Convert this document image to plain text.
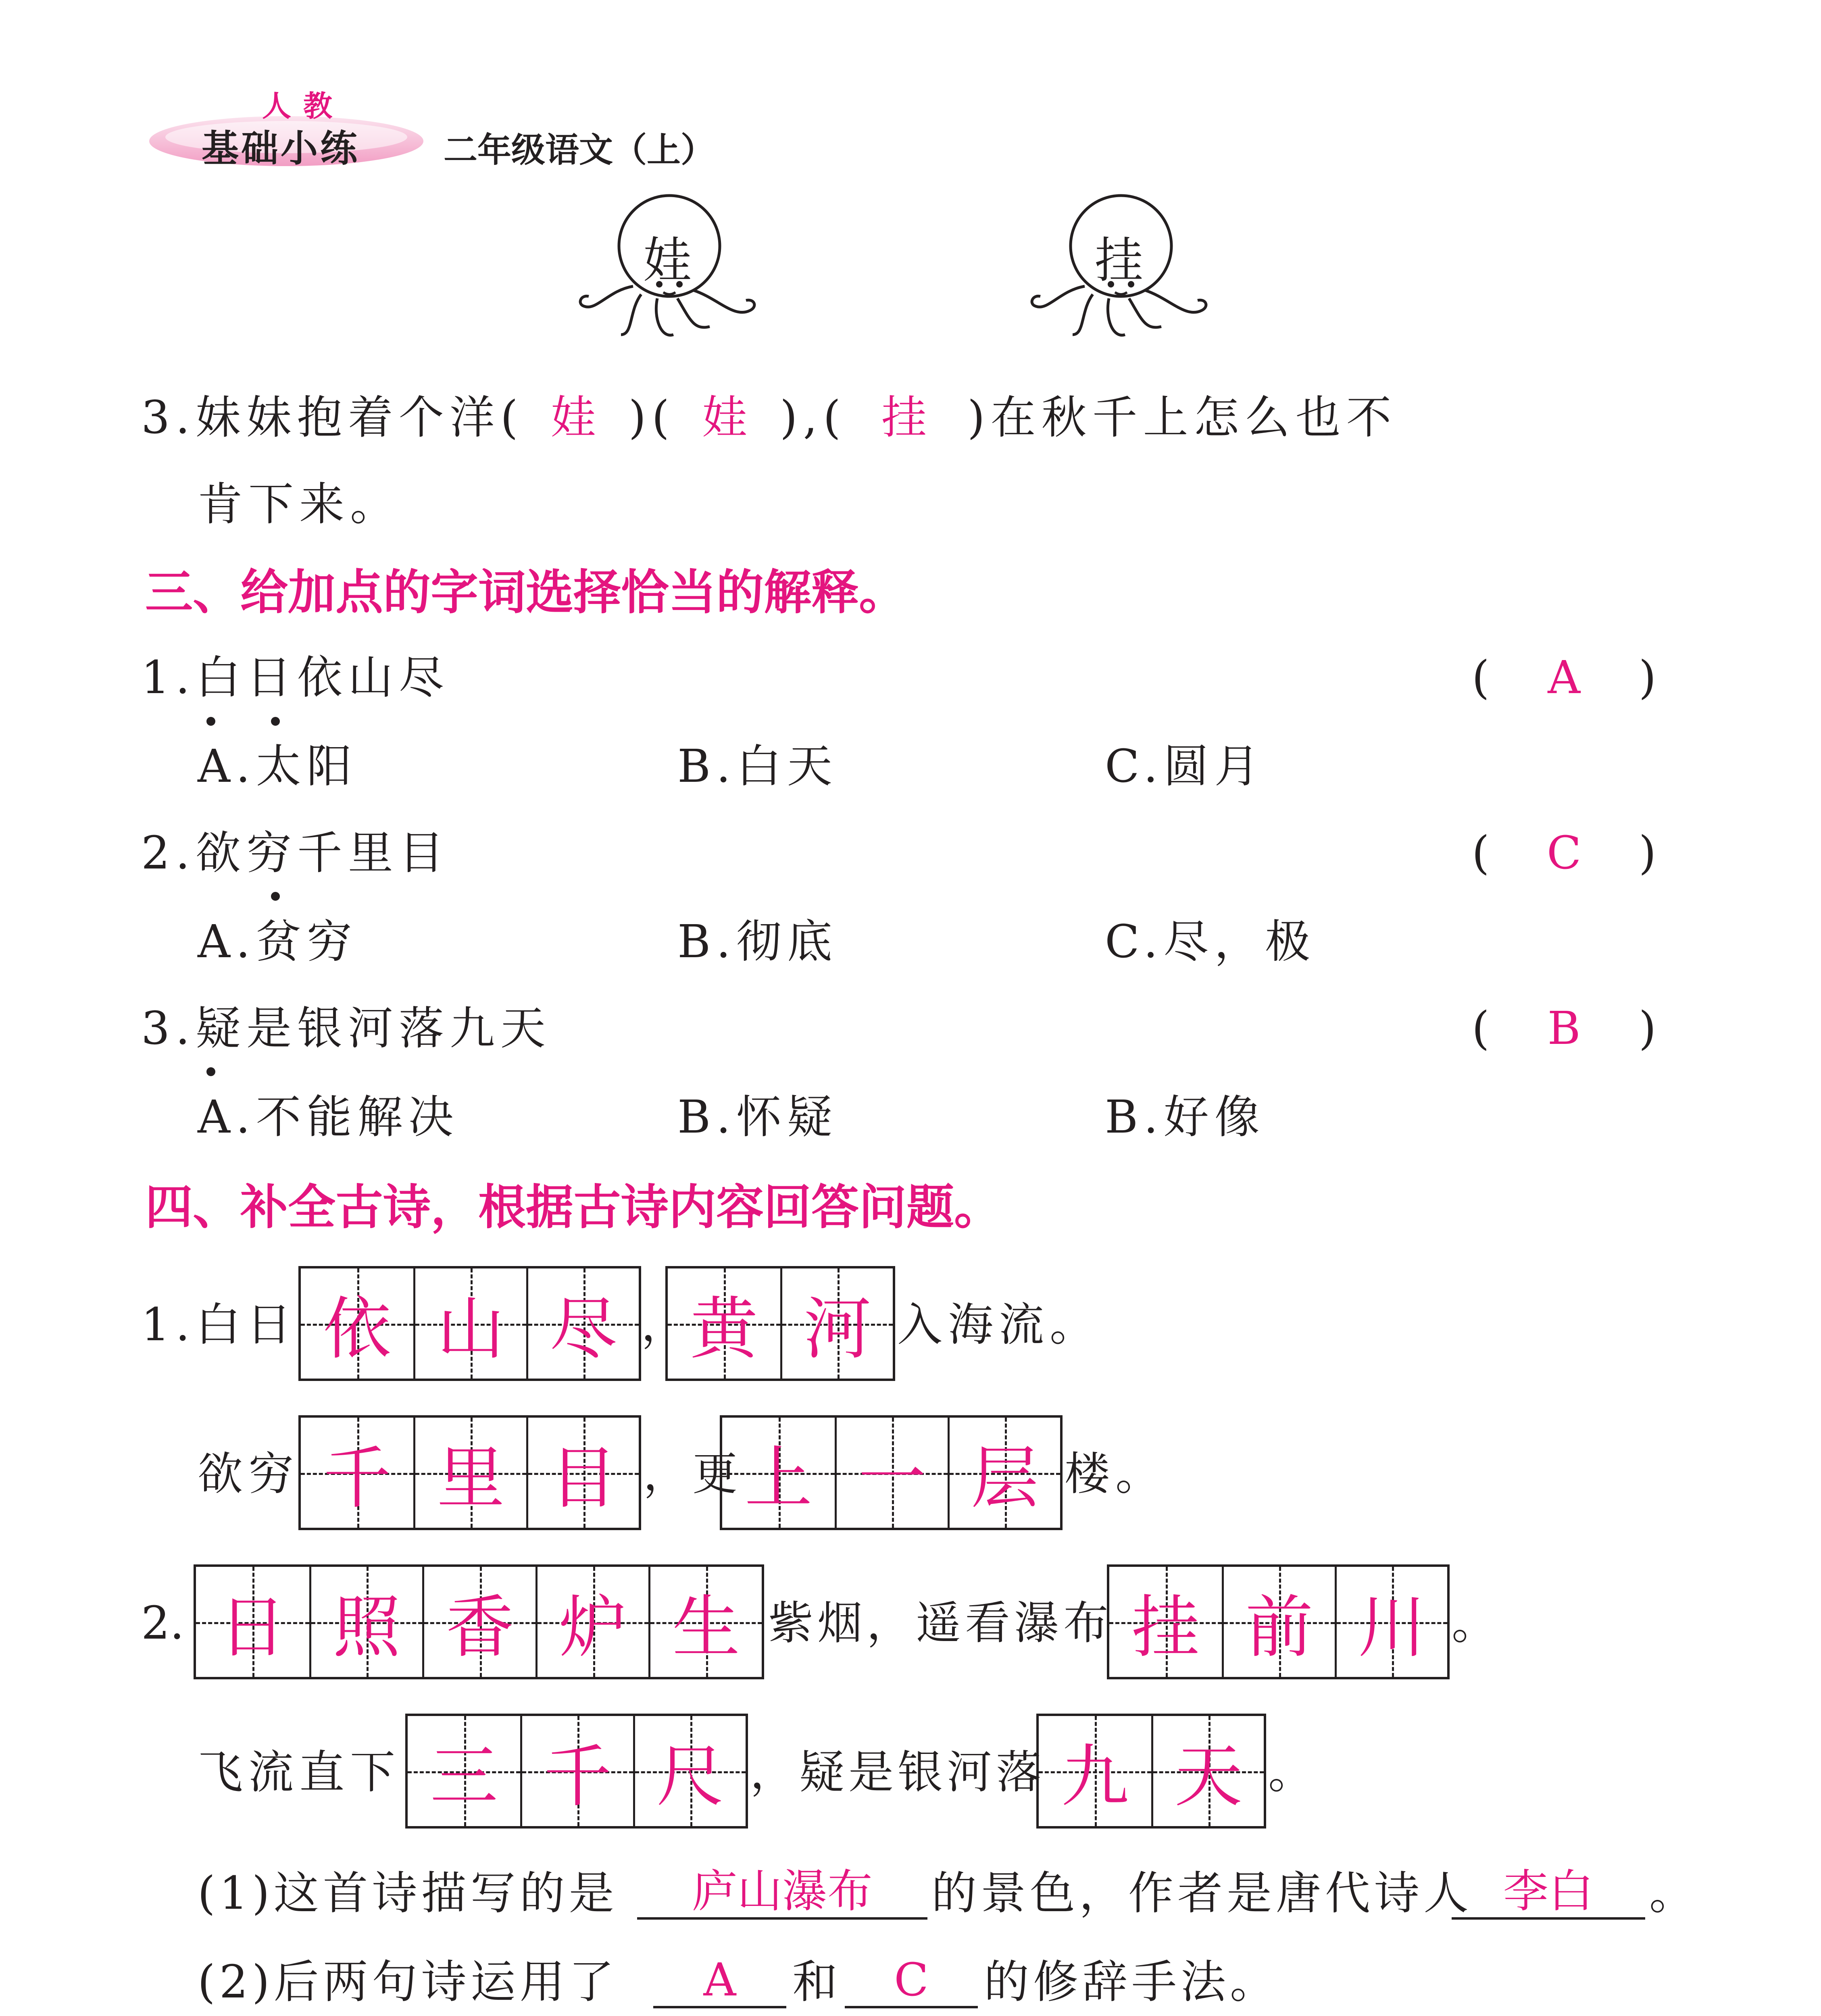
人教
基础小练 二年级语文（上）
娃	挂
3.妹妹抱着个洋( 娃 )( 娃 ),( 挂 )在秋千上怎么也不
肯下来。
三、给加点的字词选择恰当的解释。
1.白日依山尽	( A )
A.太阳	B.白天	C.圆月
2.欲穷千里目	( C )
A.贫穷	B.彻底	C.尽，极
3.疑是银河落九天	( B )
A.不能解决	B.怀疑	B.好像
四、补全古诗，根据古诗内容回答问题。
1.白日 依 山 尽 ， 黄 河 入海流。
欲穷 千 里 目 ，更 上 一 层 楼。
2. 日 照 香 炉 生 紫烟，遥看瀑布 挂 前 川 。
飞流直下 三 千 尺 ，疑是银河落 九 天 。
(1)这首诗描写的是	庐山瀑布	的景色，作者是唐代诗人 李白	。
(2)后两句诗运用了	A	和	C	的修辞手法。
